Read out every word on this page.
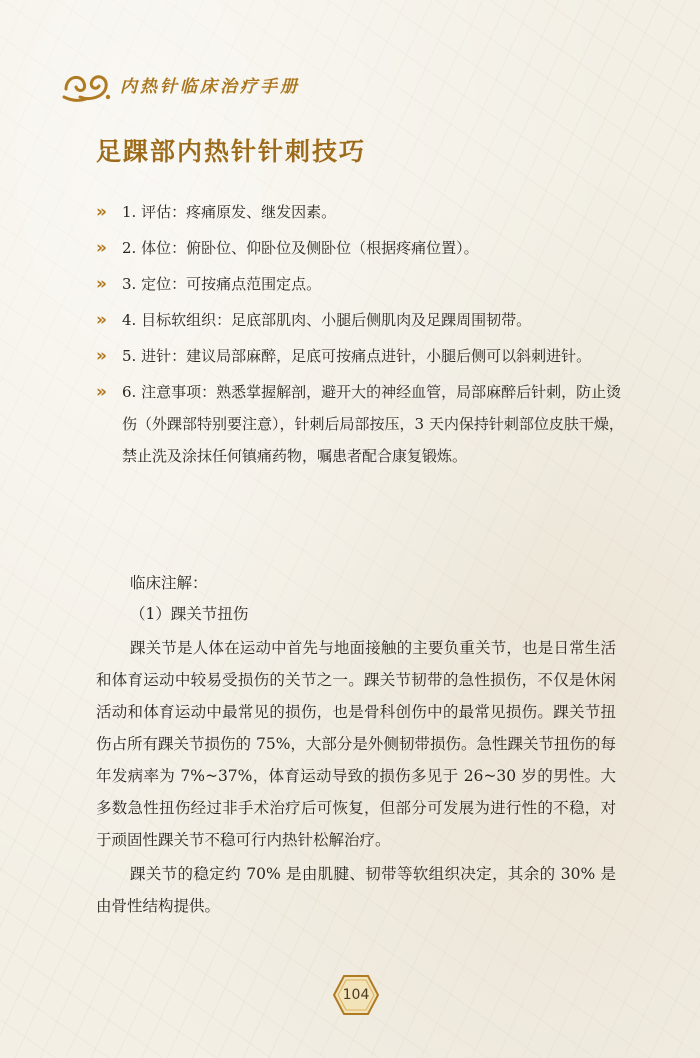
内热针临床治疗手册
足踝部内热针针刺技巧
» 1. 评估：疼痛原发、继发因素。
» 2. 体位：俯卧位、仰卧位及侧卧位（根据疼痛位置）。
» 3. 定位：可按痛点范围定点。
» 4. 目标软组织：足底部肌肉、小腿后侧肌肉及足踝周围韧带。
» 5. 进针：建议局部麻醉，足底可按痛点进针，小腿后侧可以斜刺进针。
» 6. 注意事项：熟悉掌握解剖，避开大的神经血管，局部麻醉后针刺，防止烫伤（外踝部特别要注意），针刺后局部按压，3 天内保持针刺部位皮肤干燥，禁止洗及涂抹任何镇痛药物，嘱患者配合康复锻炼。
临床注解：
（1）踝关节扭伤

踝关节是人体在运动中首先与地面接触的主要负重关节，也是日常生活和体育运动中较易受损伤的关节之一。踝关节韧带的急性损伤，不仅是休闲活动和体育运动中最常见的损伤，也是骨科创伤中的最常见损伤。踝关节扭伤占所有踝关节损伤的 75%，大部分是外侧韧带损伤。急性踝关节扭伤的每年发病率为 7%~37%，体育运动导致的损伤多见于 26~30 岁的男性。大多数急性扭伤经过非手术治疗后可恢复，但部分可发展为进行性的不稳，对于顽固性踝关节不稳可行内热针松解治疗。

踝关节的稳定约 70% 是由肌腱、韧带等软组织决定，其余的 30% 是由骨性结构提供。

104
